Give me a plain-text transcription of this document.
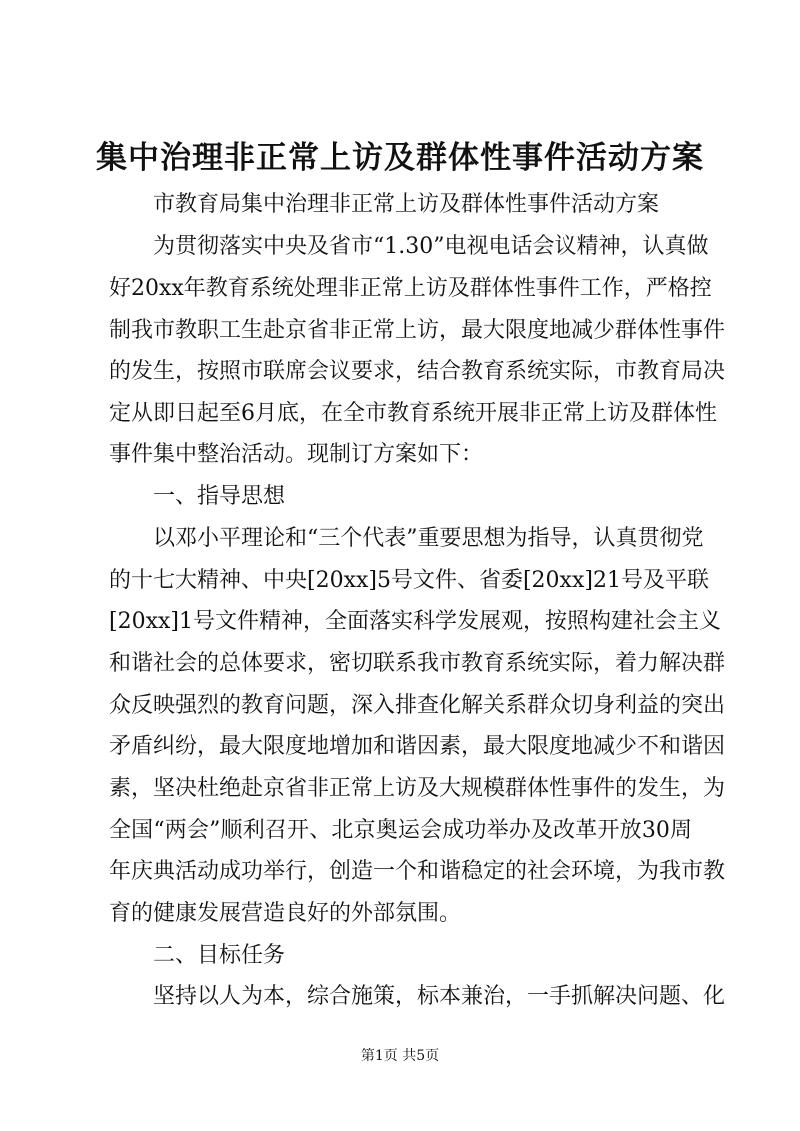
集中治理非正常上访及群体性事件活动方案

市教育局集中治理非正常上访及群体性事件活动方案

为贯彻落实中央及省市“1.30”电视电话会议精神，认真做

好20xx年教育系统处理非正常上访及群体性事件工作，严格控

制我市教职工生赴京省非正常上访，最大限度地减少群体性事件

的发生，按照市联席会议要求，结合教育系统实际，市教育局决

定从即日起至6月底，在全市教育系统开展非正常上访及群体性

事件集中整治活动。现制订方案如下：

一、指导思想

以邓小平理论和“三个代表”重要思想为指导，认真贯彻党

的十七大精神、中央[20xx]5号文件、省委[20xx]21号及平联

[20xx]1号文件精神，全面落实科学发展观，按照构建社会主义

和谐社会的总体要求，密切联系我市教育系统实际，着力解决群

众反映强烈的教育问题，深入排查化解关系群众切身利益的突出

矛盾纠纷，最大限度地增加和谐因素，最大限度地减少不和谐因

素，坚决杜绝赴京省非正常上访及大规模群体性事件的发生，为

全国“两会”顺利召开、北京奥运会成功举办及改革开放30周

年庆典活动成功举行，创造一个和谐稳定的社会环境，为我市教

育的健康发展营造良好的外部氛围。

二、目标任务

坚持以人为本，综合施策，标本兼治，一手抓解决问题、化

第1页 共5页
